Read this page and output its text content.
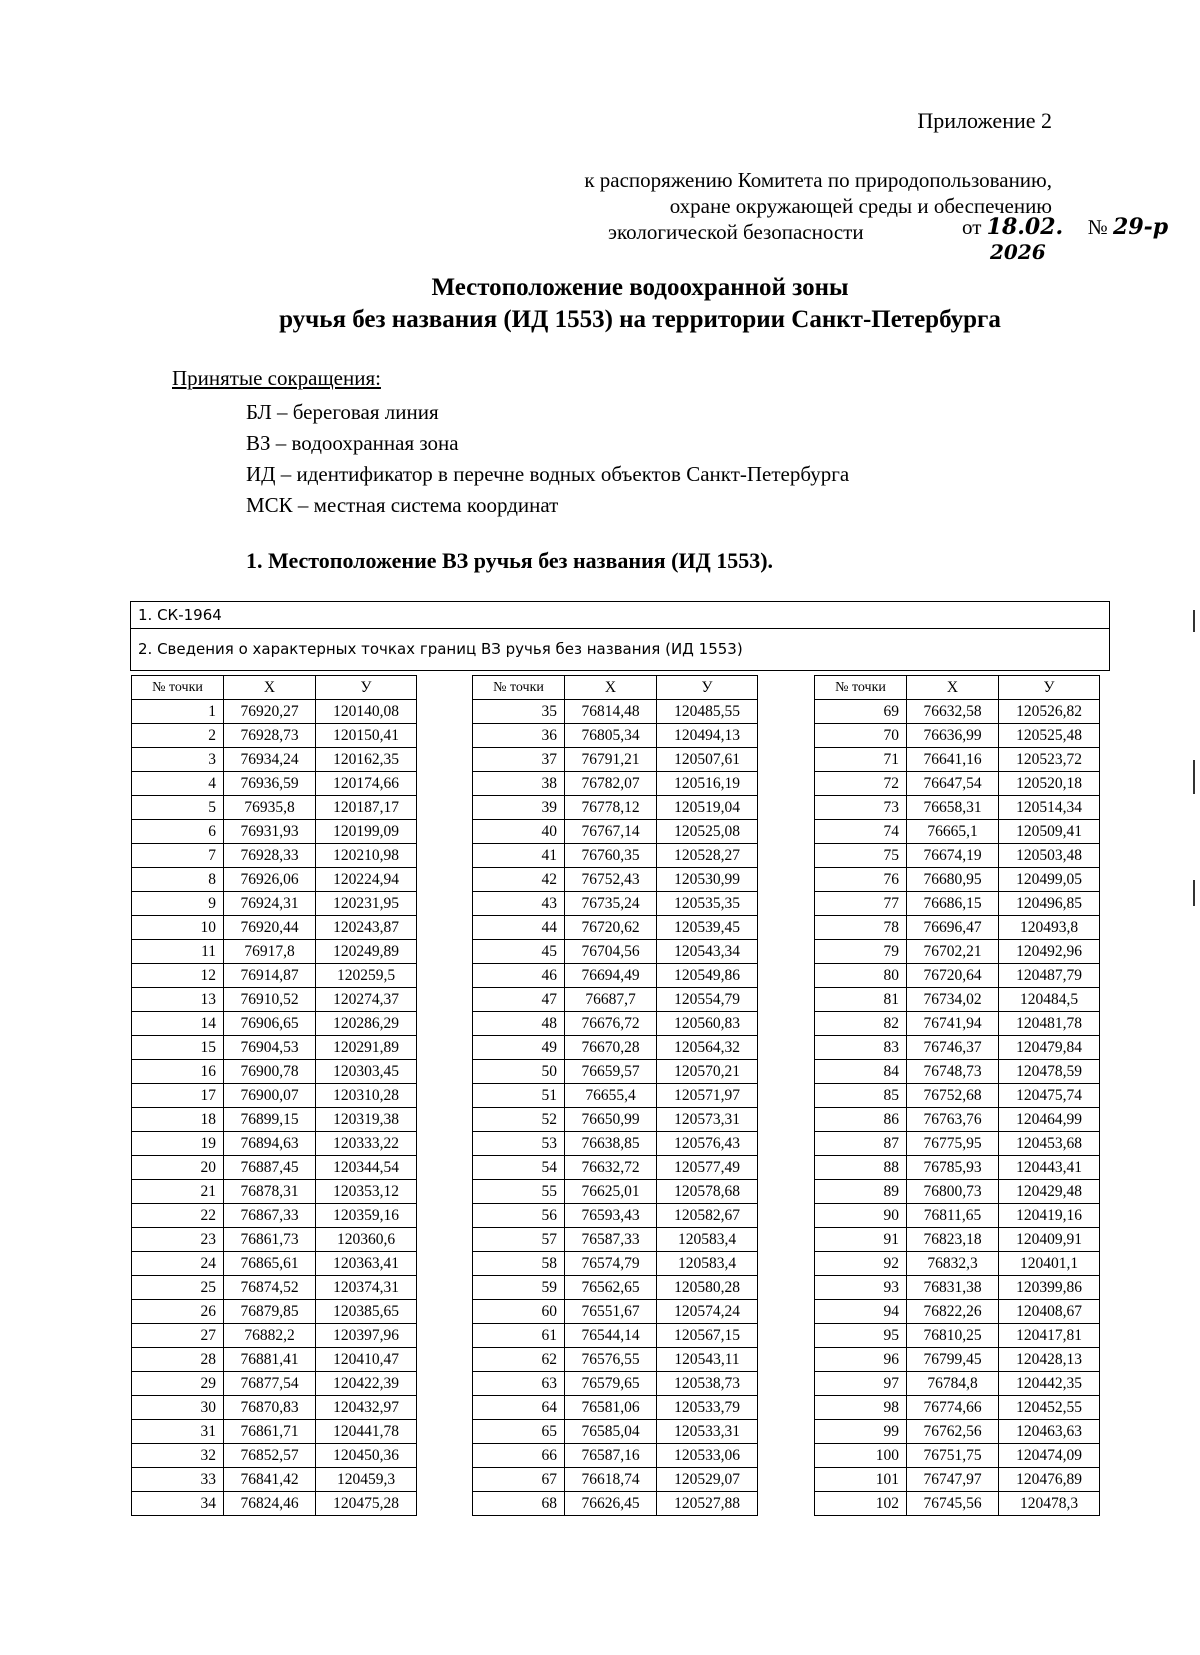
Приложение 2
к распоряжению Комитета по природопользованию,
охране окружающей среды и обеспечению
экологической безопасности	от 18.02. № 29-р
2026
Местоположение водоохранной зоны
ручья без названия (ИД 1553) на территории Санкт-Петербурга
Принятые сокращения:
БЛ – береговая линия
ВЗ – водоохранная зона
ИД – идентификатор в перечне водных объектов Санкт-Петербурга
МСК – местная система координат
1. Местоположение ВЗ ручья без названия (ИД 1553).
1. СК-1964
2. Сведения о характерных точках границ ВЗ ручья без названия (ИД 1553)
№ точки	Х	У
1	76920,27	120140,08
2	76928,73	120150,41
3	76934,24	120162,35
4	76936,59	120174,66
5	76935,8	120187,17
6	76931,93	120199,09
7	76928,33	120210,98
8	76926,06	120224,94
9	76924,31	120231,95
10	76920,44	120243,87
11	76917,8	120249,89
12	76914,87	120259,5
13	76910,52	120274,37
14	76906,65	120286,29
15	76904,53	120291,89
16	76900,78	120303,45
17	76900,07	120310,28
18	76899,15	120319,38
19	76894,63	120333,22
20	76887,45	120344,54
21	76878,31	120353,12
22	76867,33	120359,16
23	76861,73	120360,6
24	76865,61	120363,41
25	76874,52	120374,31
26	76879,85	120385,65
27	76882,2	120397,96
28	76881,41	120410,47
29	76877,54	120422,39
30	76870,83	120432,97
31	76861,71	120441,78
32	76852,57	120450,36
33	76841,42	120459,3
34	76824,46	120475,28
№ точки	Х	У
35	76814,48	120485,55
36	76805,34	120494,13
37	76791,21	120507,61
38	76782,07	120516,19
39	76778,12	120519,04
40	76767,14	120525,08
41	76760,35	120528,27
42	76752,43	120530,99
43	76735,24	120535,35
44	76720,62	120539,45
45	76704,56	120543,34
46	76694,49	120549,86
47	76687,7	120554,79
48	76676,72	120560,83
49	76670,28	120564,32
50	76659,57	120570,21
51	76655,4	120571,97
52	76650,99	120573,31
53	76638,85	120576,43
54	76632,72	120577,49
55	76625,01	120578,68
56	76593,43	120582,67
57	76587,33	120583,4
58	76574,79	120583,4
59	76562,65	120580,28
60	76551,67	120574,24
61	76544,14	120567,15
62	76576,55	120543,11
63	76579,65	120538,73
64	76581,06	120533,79
65	76585,04	120533,31
66	76587,16	120533,06
67	76618,74	120529,07
68	76626,45	120527,88
№ точки	Х	У
69	76632,58	120526,82
70	76636,99	120525,48
71	76641,16	120523,72
72	76647,54	120520,18
73	76658,31	120514,34
74	76665,1	120509,41
75	76674,19	120503,48
76	76680,95	120499,05
77	76686,15	120496,85
78	76696,47	120493,8
79	76702,21	120492,96
80	76720,64	120487,79
81	76734,02	120484,5
82	76741,94	120481,78
83	76746,37	120479,84
84	76748,73	120478,59
85	76752,68	120475,74
86	76763,76	120464,99
87	76775,95	120453,68
88	76785,93	120443,41
89	76800,73	120429,48
90	76811,65	120419,16
91	76823,18	120409,91
92	76832,3	120401,1
93	76831,38	120399,86
94	76822,26	120408,67
95	76810,25	120417,81
96	76799,45	120428,13
97	76784,8	120442,35
98	76774,66	120452,55
99	76762,56	120463,63
100	76751,75	120474,09
101	76747,97	120476,89
102	76745,56	120478,3
